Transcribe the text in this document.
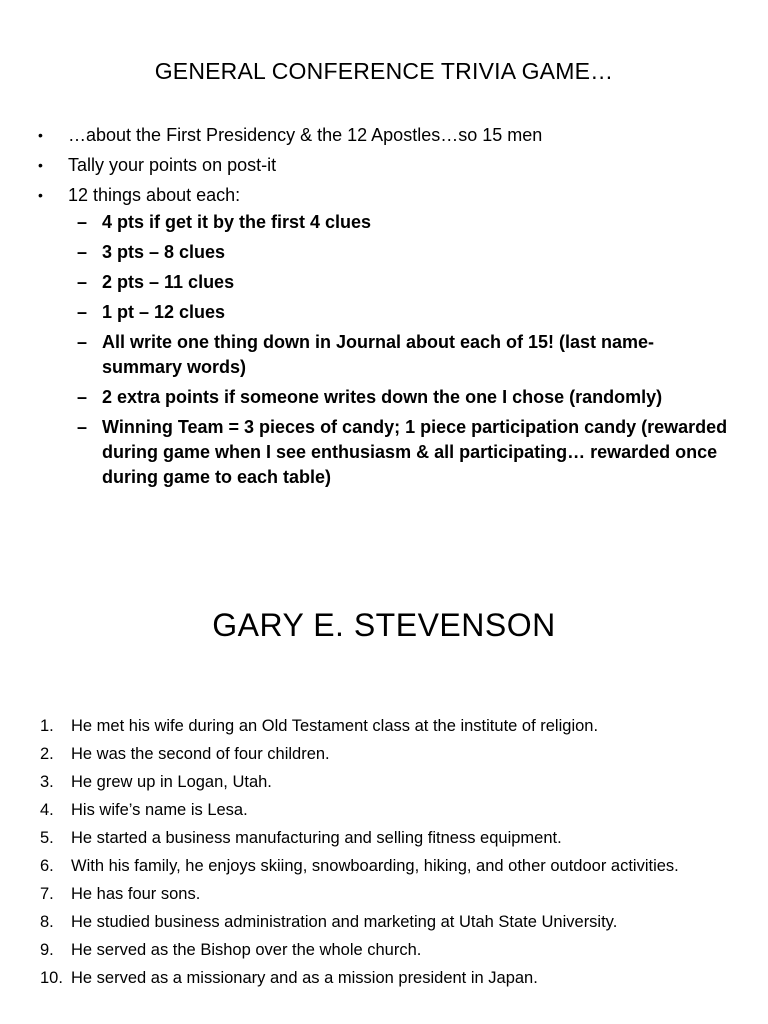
GENERAL CONFERENCE TRIVIA GAME…
•	…about the First Presidency & the 12 Apostles…so 15 men
•	Tally your points on post-it
•	12 things about each:
– 4 pts if get it by the first 4 clues
– 3 pts – 8 clues
– 2 pts – 11 clues
– 1 pt – 12 clues
– All write one thing down in Journal about each of 15! (last name-summary words)
– 2 extra points if someone writes down the one I chose (randomly)
– Winning Team = 3 pieces of candy; 1 piece participation candy (rewarded during game when I see enthusiasm & all participating… rewarded once during game to each table)
GARY E. STEVENSON
1.	He met his wife during an Old Testament class at the institute of religion.
2.	He was the second of four children.
3.	He grew up in Logan, Utah.
4.	His wife’s name is Lesa.
5.	He started a business manufacturing and selling fitness equipment.
6.	With his family, he enjoys skiing, snowboarding, hiking, and other outdoor activities.
7.	He has four sons.
8.	He studied business administration and marketing at Utah State University.
9.	He served as the Bishop over the whole church.
10. He served as a missionary and as a mission president in Japan.
